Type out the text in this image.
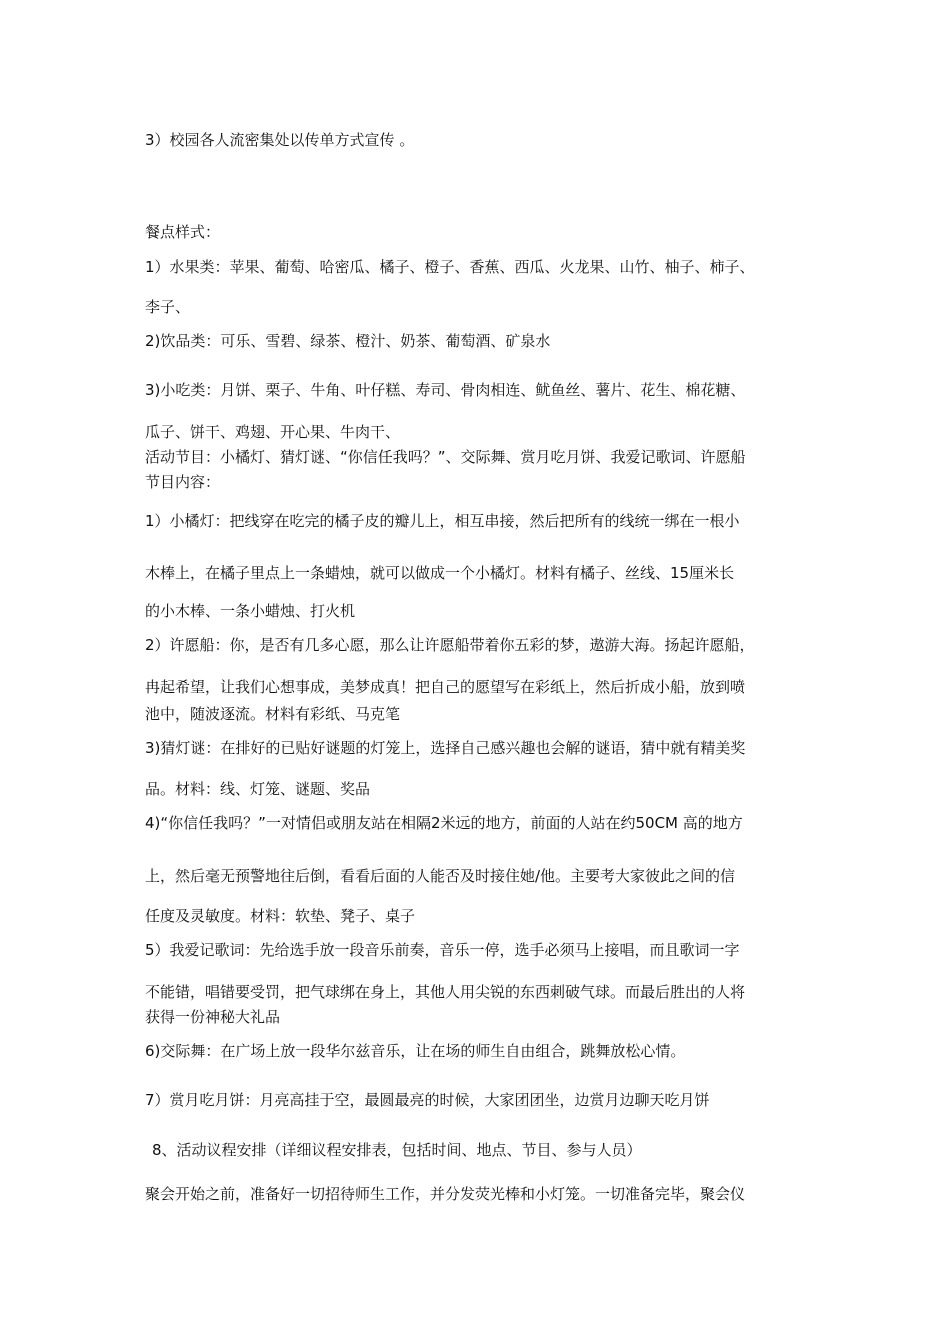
3）校园各人流密集处以传单方式宣传 。
餐点样式：
1）水果类：苹果、葡萄、哈密瓜、橘子、橙子、香蕉、西瓜、火龙果、山竹、柚子、柿子、
李子、
2)饮品类：可乐、雪碧、绿茶、橙汁、奶茶、葡萄酒、矿泉水
3)小吃类：月饼、栗子、牛角、叶仔糕、寿司、骨肉相连、鱿鱼丝、薯片、花生、棉花糖、
瓜子、饼干、鸡翅、开心果、牛肉干、
活动节目：小橘灯、猜灯谜、“你信任我吗？”、交际舞、赏月吃月饼、我爱记歌词、许愿船
节目内容：
1）小橘灯：把线穿在吃完的橘子皮的瓣儿上，相互串接，然后把所有的线统一绑在一根小
木棒上，在橘子里点上一条蜡烛，就可以做成一个小橘灯。材料有橘子、丝线、15厘米长
的小木棒、一条小蜡烛、打火机
2）许愿船：你，是否有几多心愿，那么让许愿船带着你五彩的梦，遨游大海。扬起许愿船，
冉起希望，让我们心想事成，美梦成真！把自己的愿望写在彩纸上，然后折成小船，放到喷
池中，随波逐流。材料有彩纸、马克笔
3)猜灯谜：在排好的已贴好谜题的灯笼上，选择自己感兴趣也会解的谜语，猜中就有精美奖
品。材料：线、灯笼、谜题、奖品
4)“你信任我吗？”一对情侣或朋友站在相隔2米远的地方，前面的人站在约50CM 高的地方
上，然后毫无预警地往后倒，看看后面的人能否及时接住她/他。主要考大家彼此之间的信
任度及灵敏度。材料：软垫、凳子、桌子
5）我爱记歌词：先给选手放一段音乐前奏，音乐一停，选手必须马上接唱，而且歌词一字
不能错，唱错要受罚，把气球绑在身上，其他人用尖锐的东西刺破气球。而最后胜出的人将
获得一份神秘大礼品
6)交际舞：在广场上放一段华尔兹音乐，让在场的师生自由组合，跳舞放松心情。
7）赏月吃月饼：月亮高挂于空，最圆最亮的时候，大家团团坐，边赏月边聊天吃月饼
8、活动议程安排（详细议程安排表，包括时间、地点、节目、参与人员）
聚会开始之前，准备好一切招待师生工作，并分发荧光棒和小灯笼。一切准备完毕，聚会仪
